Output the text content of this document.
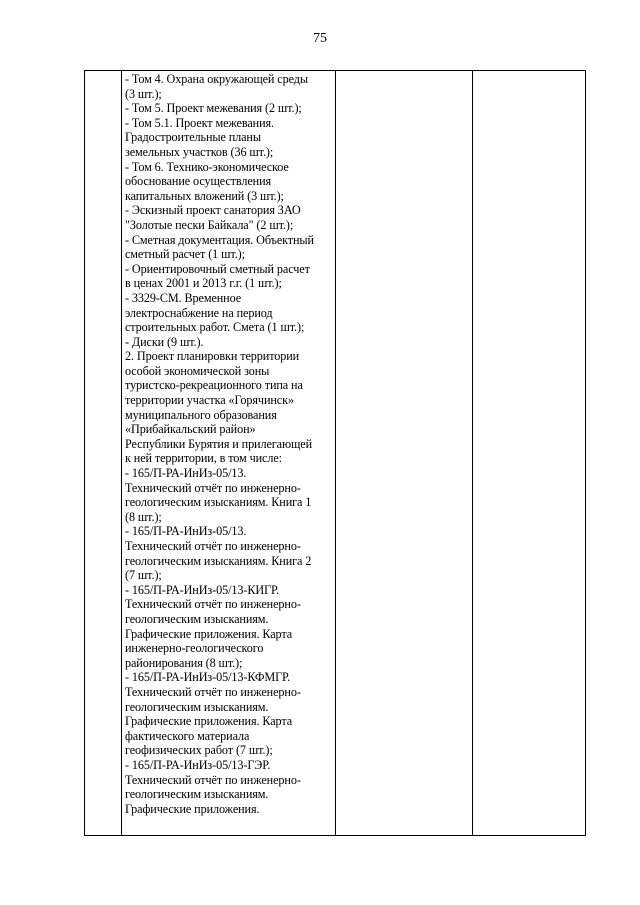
75
- Том 4. Охрана окружающей среды
(3 шт.);
- Том 5. Проект межевания (2 шт.);
- Том 5.1. Проект межевания.
Градостроительные планы
земельных участков (36 шт.);
- Том 6. Технико-экономическое
обоснование осуществления
капитальных вложений (3 шт.);
- Эскизный проект санатория ЗАО
"Золотые пески Байкала" (2 шт.);
- Сметная документация. Объектный
сметный расчет (1 шт.);
- Ориентировочный сметный расчет
в ценах 2001 и 2013 г.г. (1 шт.);
- 3329-СМ. Временное
электроснабжение на период
строительных работ. Смета (1 шт.);
- Диски (9 шт.).
2. Проект планировки территории
особой экономической зоны
туристско-рекреационного типа на
территории участка «Горячинск»
муниципального образования
«Прибайкальский район»
Республики Бурятия и прилегающей
к ней территории, в том числе:
- 165/П-РА-ИнИз-05/13.
Технический отчёт по инженерно-
геологическим изысканиям. Книга 1
(8 шт.);
- 165/П-РА-ИнИз-05/13.
Технический отчёт по инженерно-
геологическим изысканиям. Книга 2
(7 шт.);
- 165/П-РА-ИнИз-05/13-КИГР.
Технический отчёт по инженерно-
геологическим изысканиям.
Графические приложения. Карта
инженерно-геологического
районирования (8 шт.);
- 165/П-РА-ИнИз-05/13-КФМГР.
Технический отчёт по инженерно-
геологическим изысканиям.
Графические приложения. Карта
фактического материала
геофизических работ (7 шт.);
- 165/П-РА-ИнИз-05/13-ГЭР.
Технический отчёт по инженерно-
геологическим изысканиям.
Графические приложения.
